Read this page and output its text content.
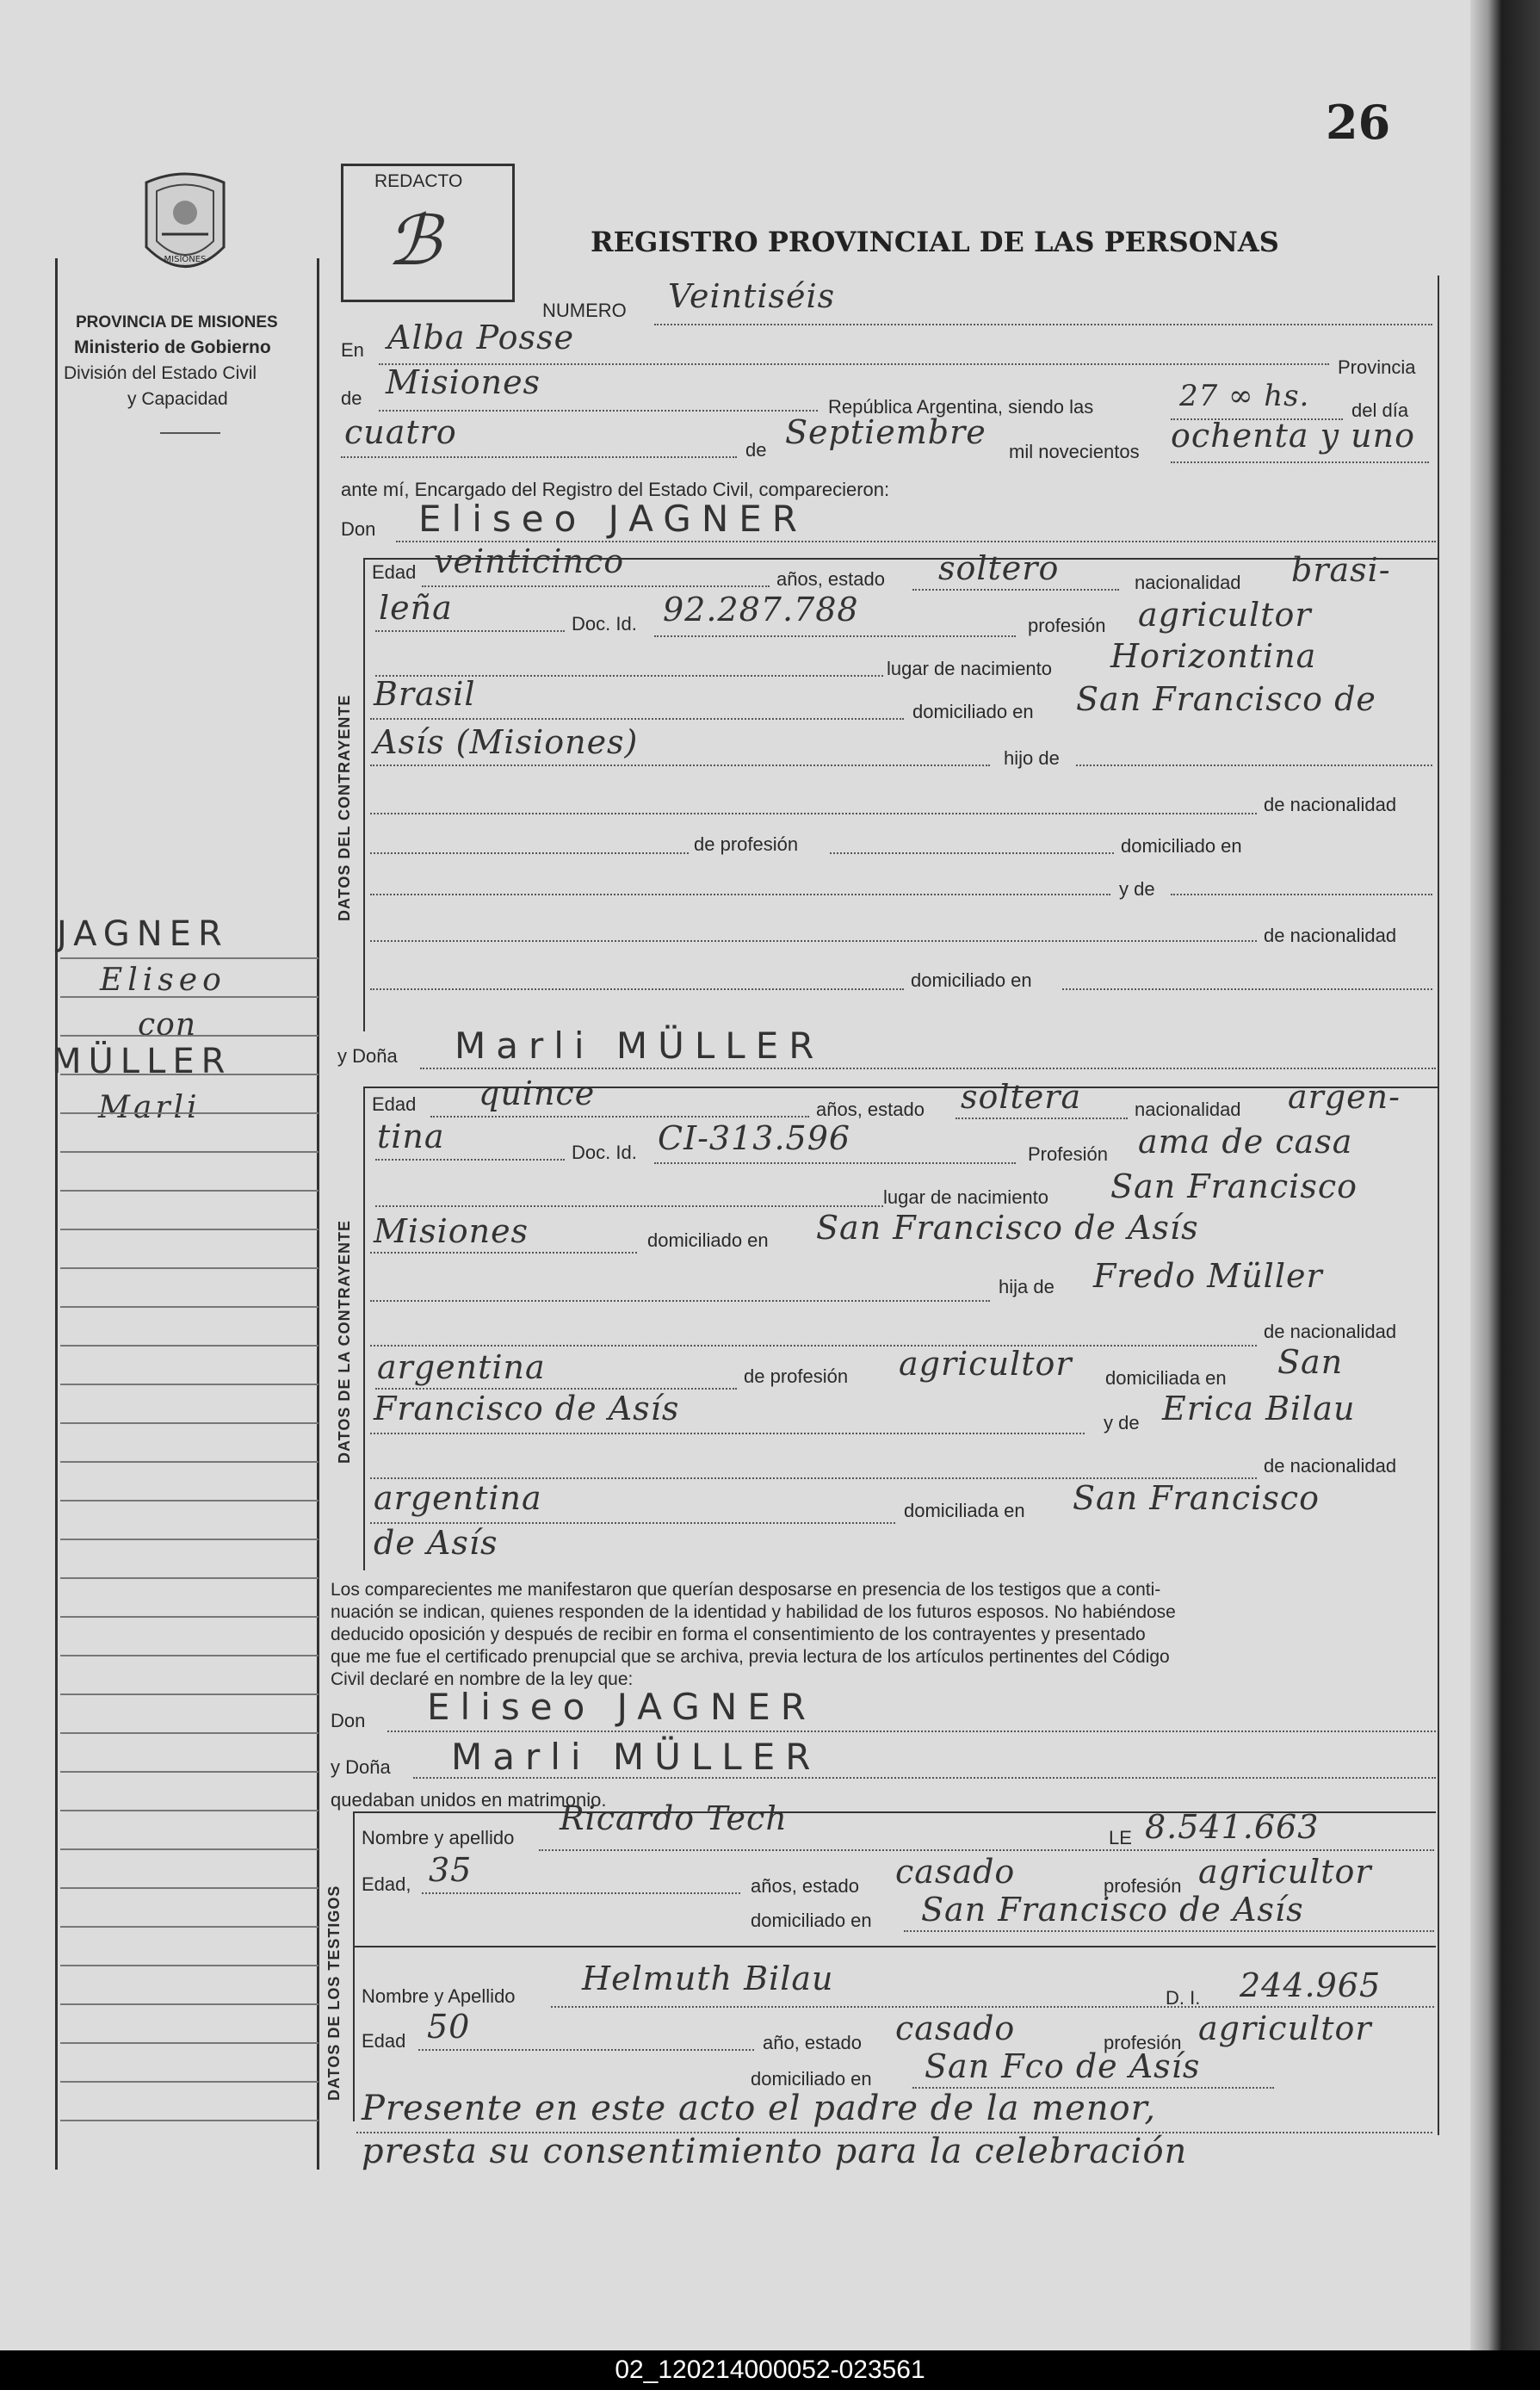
26
MISIONES
PROVINCIA DE MISIONES
Ministerio de Gobierno
División del Estado Civil
y Capacidad
REDACTO
ℬ	REGISTRO PROVINCIAL DE LAS PERSONAS
NUMERO Veintiséis
En Alba Posse
Provincia
de Misiones
República Argentina, siendo las	27 ∞ hs. del día
cuatro	de Septiembre
mil novecientos ochenta y uno
ante mí, Encargado del Registro del Estado Civil, comparecieron:
Don Eliseo JAGNER
DATOS DEL CONTRAYENTE
Edad veinticinco	años, estado soltero	nacionalidad brasi-
leña	Doc. Id. 92.287.788	profesión agricultor
lugar de nacimiento Horizontina
Brasil	domiciliado en San Francisco de
Asís (Misiones)	hijo de
de nacionalidad
de profesión	domiciliado en
y de
de nacionalidad
domiciliado en
y Doña Marli MÜLLER
DATOS DE LA CONTRAYENTE
Edad quince	años, estado soltera	nacionalidad argen-
tina	Doc. Id. CI-313.596	Profesión ama de casa
lugar de nacimiento San Francisco
Misiones	domiciliado en San Francisco de Asís
hija de Fredo Müller
de nacionalidad
argentina	de profesión agricultor domiciliada en San
Francisco de Asís	y de Erica Bilau
de nacionalidad
argentina	domiciliada en San Francisco
de Asís
Los comparecientes me manifestaron que querían desposarse en presencia de los testigos que a conti-
nuación se indican, quienes responden de la identidad y habilidad de los futuros esposos. No habiéndose
deducido oposición y después de recibir en forma el consentimiento de los contrayentes y presentado
que me fue el certificado prenupcial que se archiva, previa lectura de los artículos pertinentes del Código
Civil declaré en nombre de la ley que:
Don Eliseo JAGNER
y Doña Marli MÜLLER
quedaban unidos en matrimonio.
DATOS DE LOS TESTIGOS
Nombre y apellido
Ricardo Tech
LE 8.541.663
Edad, 35	años, estado casado	profesión agricultor
domiciliado en San Francisco de Asís
Nombre y Apellido Helmuth Bilau
D. I. 244.965
Edad 50	año, estado casado	profesión agricultor
domiciliado en San Fco de Asís
Presente en este acto el padre de la menor,
presta su consentimiento para la celebración
JAGNER
Eliseo
con
MÜLLER
Marli
02_120214000052-023561
